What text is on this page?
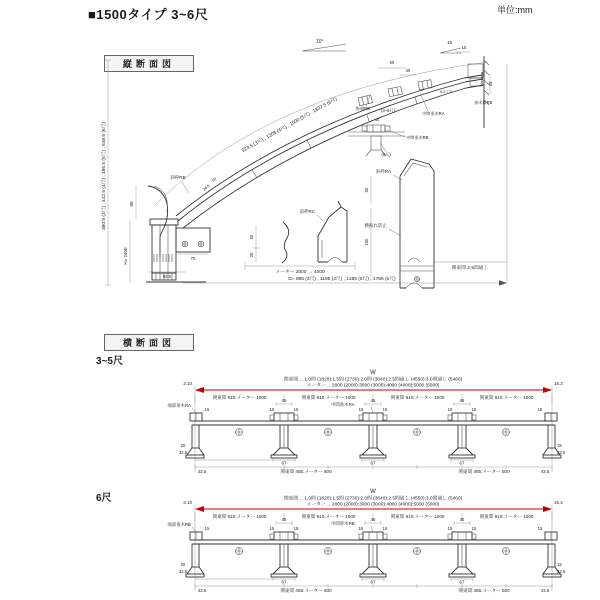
■1500タイプ 3~6尺	単位:mm
縦断面図
横断面図
3~5尺
6尺
380.5 (3尺) , 442.5 (4尺) , 486.5 (5尺) , 548.5 (6尺)	923.5 (3尺) , 1208 (4尺) , 1500 (5尺) , 1837.5 (6尺)
10°	15
80
H= 2400
34.5
50
斜枠RB
70
92.5
65
45
15
35
8.5 7.5
46
野縁RB	(3~5尺)
中間垂木RA
垂木掛RB
中間垂木RB
(6尺)
前枠RC
50
25
斜枠RA
横振れ防止
60
150
メーター 2000 → 4000
関東間 2.5間通し
D= 885 (3尺) , 1185 (4尺) , 1485 (5尺) , 1785 (6尺)
W
関東間… 1.0間 (1820):1.5間 (2730):2.0間 (3640):2.5間通し (4550):3.0間通し (5460)
メーター… 2000 (2000):3000 (3000):4000 (4000):5000 (5000)
3.10	16.3
関東間 910:メーター 1000	関東間 910:メーター 1000	関東間 910:メーター 1000	関東間 910:メーター 1000
端部垂木RA	中間垂木RA
45	45	45
15	15	15	15	15	15
15	15
67	67	67
関東間 455:メーター 500	関東間 455:メーター 500
43.5	43.5
20
32.5
15
32.5
W
関東間… 1.0間 (1820):1.5間 (2730):2.0間 (3640):2.5間通し (4550):3.0間通し (5460)
メーター… 2000 (2000):3000 (3000):4000 (4000):5000 (5000)
3.10	16.3
関東間 910:メーター 1000	関東間 910:メーター 1000	関東間 910:メーター 1000	関東間 910:メーター 1000
端部垂木RB	中間垂木RB
45	45	45
15	15	15	15	15	15
15	15
67	67	67
関東間 455:メーター 500	関東間 455:メーター 500
43.5	43.5
20
32.5
15
32.5
